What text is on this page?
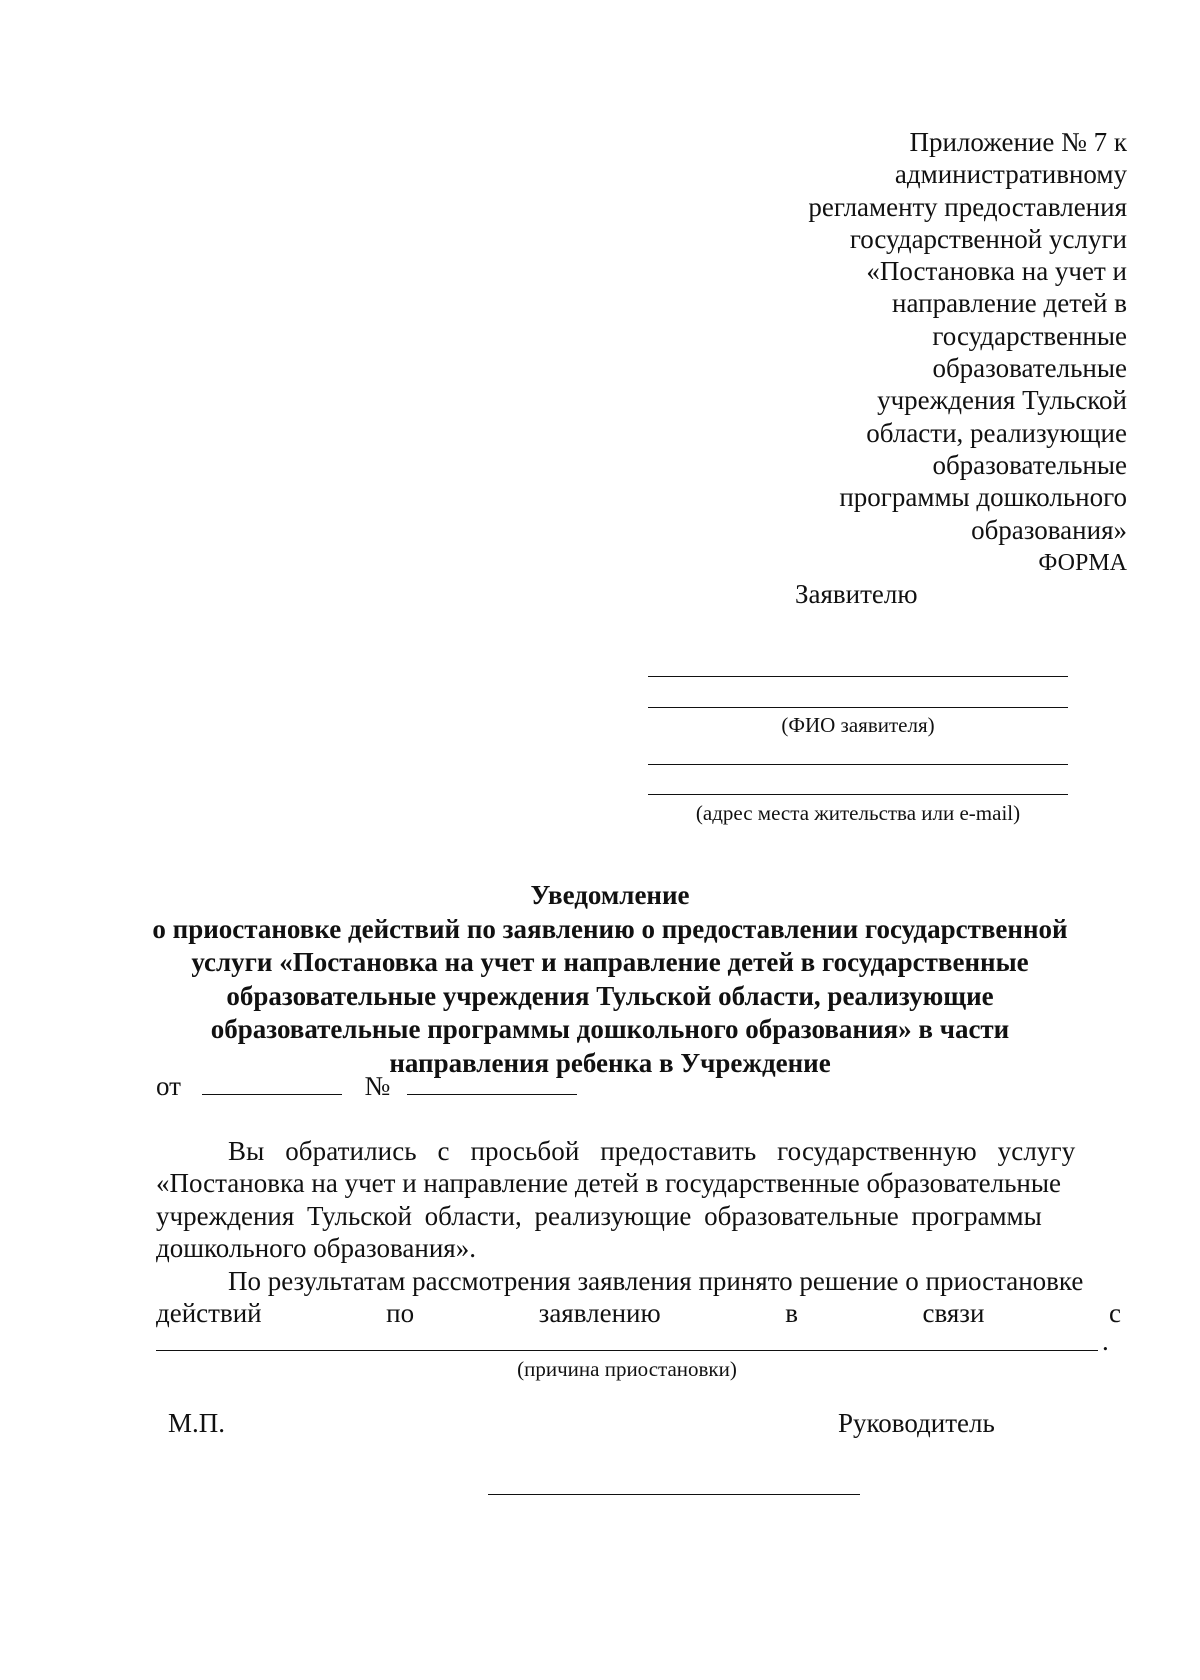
Приложение № 7 к
административному
регламенту предоставления
государственной услуги
«Постановка на учет и
направление детей в
государственные
образовательные
учреждения Тульской
области, реализующие
образовательные
программы дошкольного
образования»
ФОРМА
Заявителю
(ФИО заявителя)
(адрес места жительства или e-mail)
Уведомление
о приостановке действий по заявлению о предоставлении государственной
услуги «Постановка на учет и направление детей в государственные
образовательные учреждения Тульской области, реализующие
образовательные программы дошкольного образования» в части
направления ребенка в Учреждение
от	№
Вы обратились с просьбой предоставить государственную услугу
«Постановка на учет и направление детей в государственные образовательные
учреждения Тульской области, реализующие образовательные программы
дошкольного образования».
По результатам рассмотрения заявления принято решение о приостановке
действий	по	заявлению	в	связи	с
.
(причина приостановки)
М.П.	Руководитель
